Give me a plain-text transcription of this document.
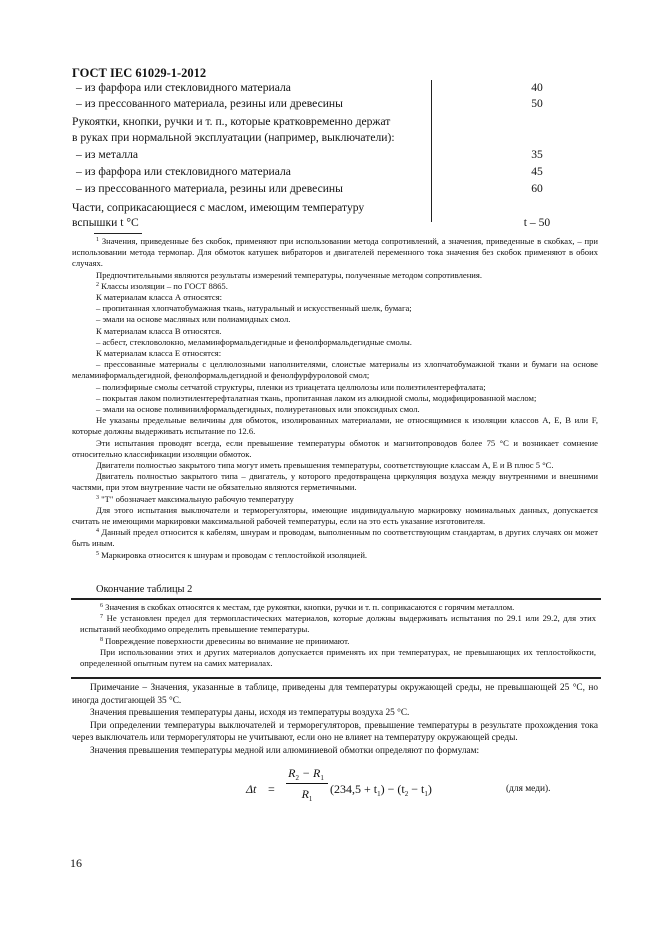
ГОСТ IEC 61029-1-2012
– из фарфора или стекловидного материала	40
– из прессованного материала, резины или древесины	50
Рукоятки, кнопки, ручки и т. п., которые кратковременно держат
в руках при нормальной эксплуатации (например, выключатели):
– из металла	35
– из фарфора или стекловидного материала	45
– из прессованного материала, резины или древесины	60
Части, соприкасающиеся с маслом, имеющим температуру
вспышки t °С	t – 50

$^1$ Значения, приведенные без скобок, применяют при использовании метода сопротивлений, а значения, приведенные в скобках, – при использовании метода термопар. Для обмоток катушек вибраторов и двигателей переменного тока значения без скобок применяют в обоих случаях.

Предпочтительными являются результаты измерений температуры, полученные методом сопротивления.

$^2$ Классы изоляции – по ГОСТ 8865.

К материалам класса А относятся:

– пропитанная хлопчатобумажная ткань, натуральный и искусственный шелк, бумага;

– эмали на основе масляных или полиамидных смол.

К материалам класса В относятся.

– асбест, стекловолокно, меламинформальдегидные и фенолформальдегидные смолы.

К материалам класса Е относятся:

– прессованные материалы с целлюлозными наполнителями, слоистые материалы из хлопчатобумажной ткани и бумаги на основе меламинформальдегидной, фенолформальдегидной и фенолфурфуроловой смол;

– полиэфирные смолы сетчатой структуры, пленки из триацетата целлюлозы или полиэтилентерефталата;

– покрытая лаком полиэтилентерефталатная ткань, пропитанная лаком из алкидной смолы, модифицированной маслом;

– эмали на основе поливинилформальдегидных, полиуретановых или эпоксидных смол.

Не указаны предельные величины для обмоток, изолированных материалами, не относящимися к изоляции классов А, Е, В или F, которые должны выдерживать испытание по 12.6.

Эти испытания проводят всегда, если превышение температуры обмоток и магнитопроводов более 75 °С и возникает сомнение относительно классификации изоляции обмоток.

Двигатели полностью закрытого типа могут иметь превышения температуры, соответствующие классам А, Е и В плюс 5 °С.

Двигатель полностью закрытого типа – двигатель, у которого предотвращена циркуляция воздуха между внутренними и внешними частями, при этом внутренние части не обязательно являются герметичными.

$^3$ "Т" обозначает максимальную рабочую температуру

Для этого испытания выключатели и терморегуляторы, имеющие индивидуальную маркировку номинальных данных, допускается считать не имеющими маркировки максимальной рабочей температуры, если на это есть указание изготовителя.

$^4$ Данный предел относится к кабелям, шнурам и проводам, выполненным по соответствующим стандартам, в других случаях он может быть иным.

$^5$ Маркировка относится к шнурам и проводам с теплостойкой изоляцией.

Окончание таблицы 2

$^6$ Значения в скобках относятся к местам, где рукоятки, кнопки, ручки и т. п. соприкасаются с горячим металлом.

$^7$ Не установлен предел для термопластических материалов, которые должны выдерживать испытания по 29.1 или 29.2, для этих испытаний необходимо определить превышение температуры.

$^8$ Повреждение поверхности древесины во внимание не принимают.

При использовании этих и других материалов допускается применять их при температурах, не превышающих их теплостойкости, определенной опытным путем на самих материалах.

Примечание – Значения, указанные в таблице, приведены для температуры окружающей среды, не превышающей 25 °С, но иногда достигающей 35 °С.

Значения превышения температуры даны, исходя из температуры воздуха 25 °С.

При определении температуры выключателей и терморегуляторов, превышение температуры в результате прохождения тока через выключатель или терморегуляторы не учитывают, если оно не влияет на температуру окружающей среды.

Значения превышения температуры медной или алюминиевой обмотки определяют по формулам:

Δt =
$R_2 - R_1$
$R_1$
$(234,5 + t_1) - (t_2 - t_1)$	(для меди).
16
